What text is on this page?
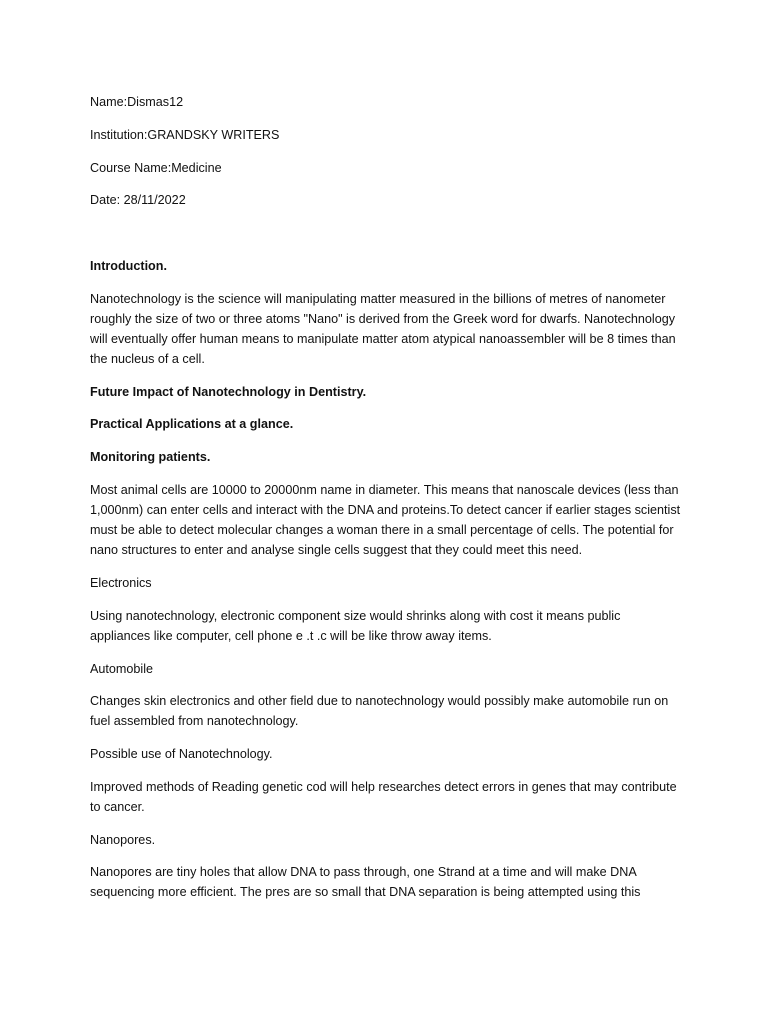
Name:Dismas12

Institution:GRANDSKY WRITERS

Course Name:Medicine

Date: 28/11/2022

Introduction.

Nanotechnology is the science will manipulating matter measured in the billions of metres of nanometer roughly the size of two or three atoms "Nano" is derived from the Greek word for dwarfs. Nanotechnology will eventually offer human means to manipulate matter atom atypical nanoassembler will be 8 times than the nucleus of a cell.

Future Impact of Nanotechnology in Dentistry.

Practical Applications at a glance.

Monitoring patients.

Most animal cells are 10000 to 20000nm name in diameter. This means that nanoscale devices (less than 1,000nm) can enter cells and interact with the DNA and proteins.To detect cancer if earlier stages scientist must be able to detect molecular changes a woman there in a small percentage of cells. The potential for nano structures to enter and analyse single cells suggest that they could meet this need.

Electronics

Using nanotechnology, electronic component size would shrinks along with cost it means public appliances like computer, cell phone e .t .c will be like throw away items.

Automobile

Changes skin electronics and other field due to nanotechnology would possibly make automobile run on fuel assembled from nanotechnology.

Possible use of Nanotechnology.

Improved methods of Reading genetic cod will help researches detect errors in genes that may contribute to cancer.

Nanopores.

Nanopores are tiny holes that allow DNA to pass through, one Strand at a time and will make DNA sequencing more efficient. The pres are so small that DNA separation is being attempted using this
